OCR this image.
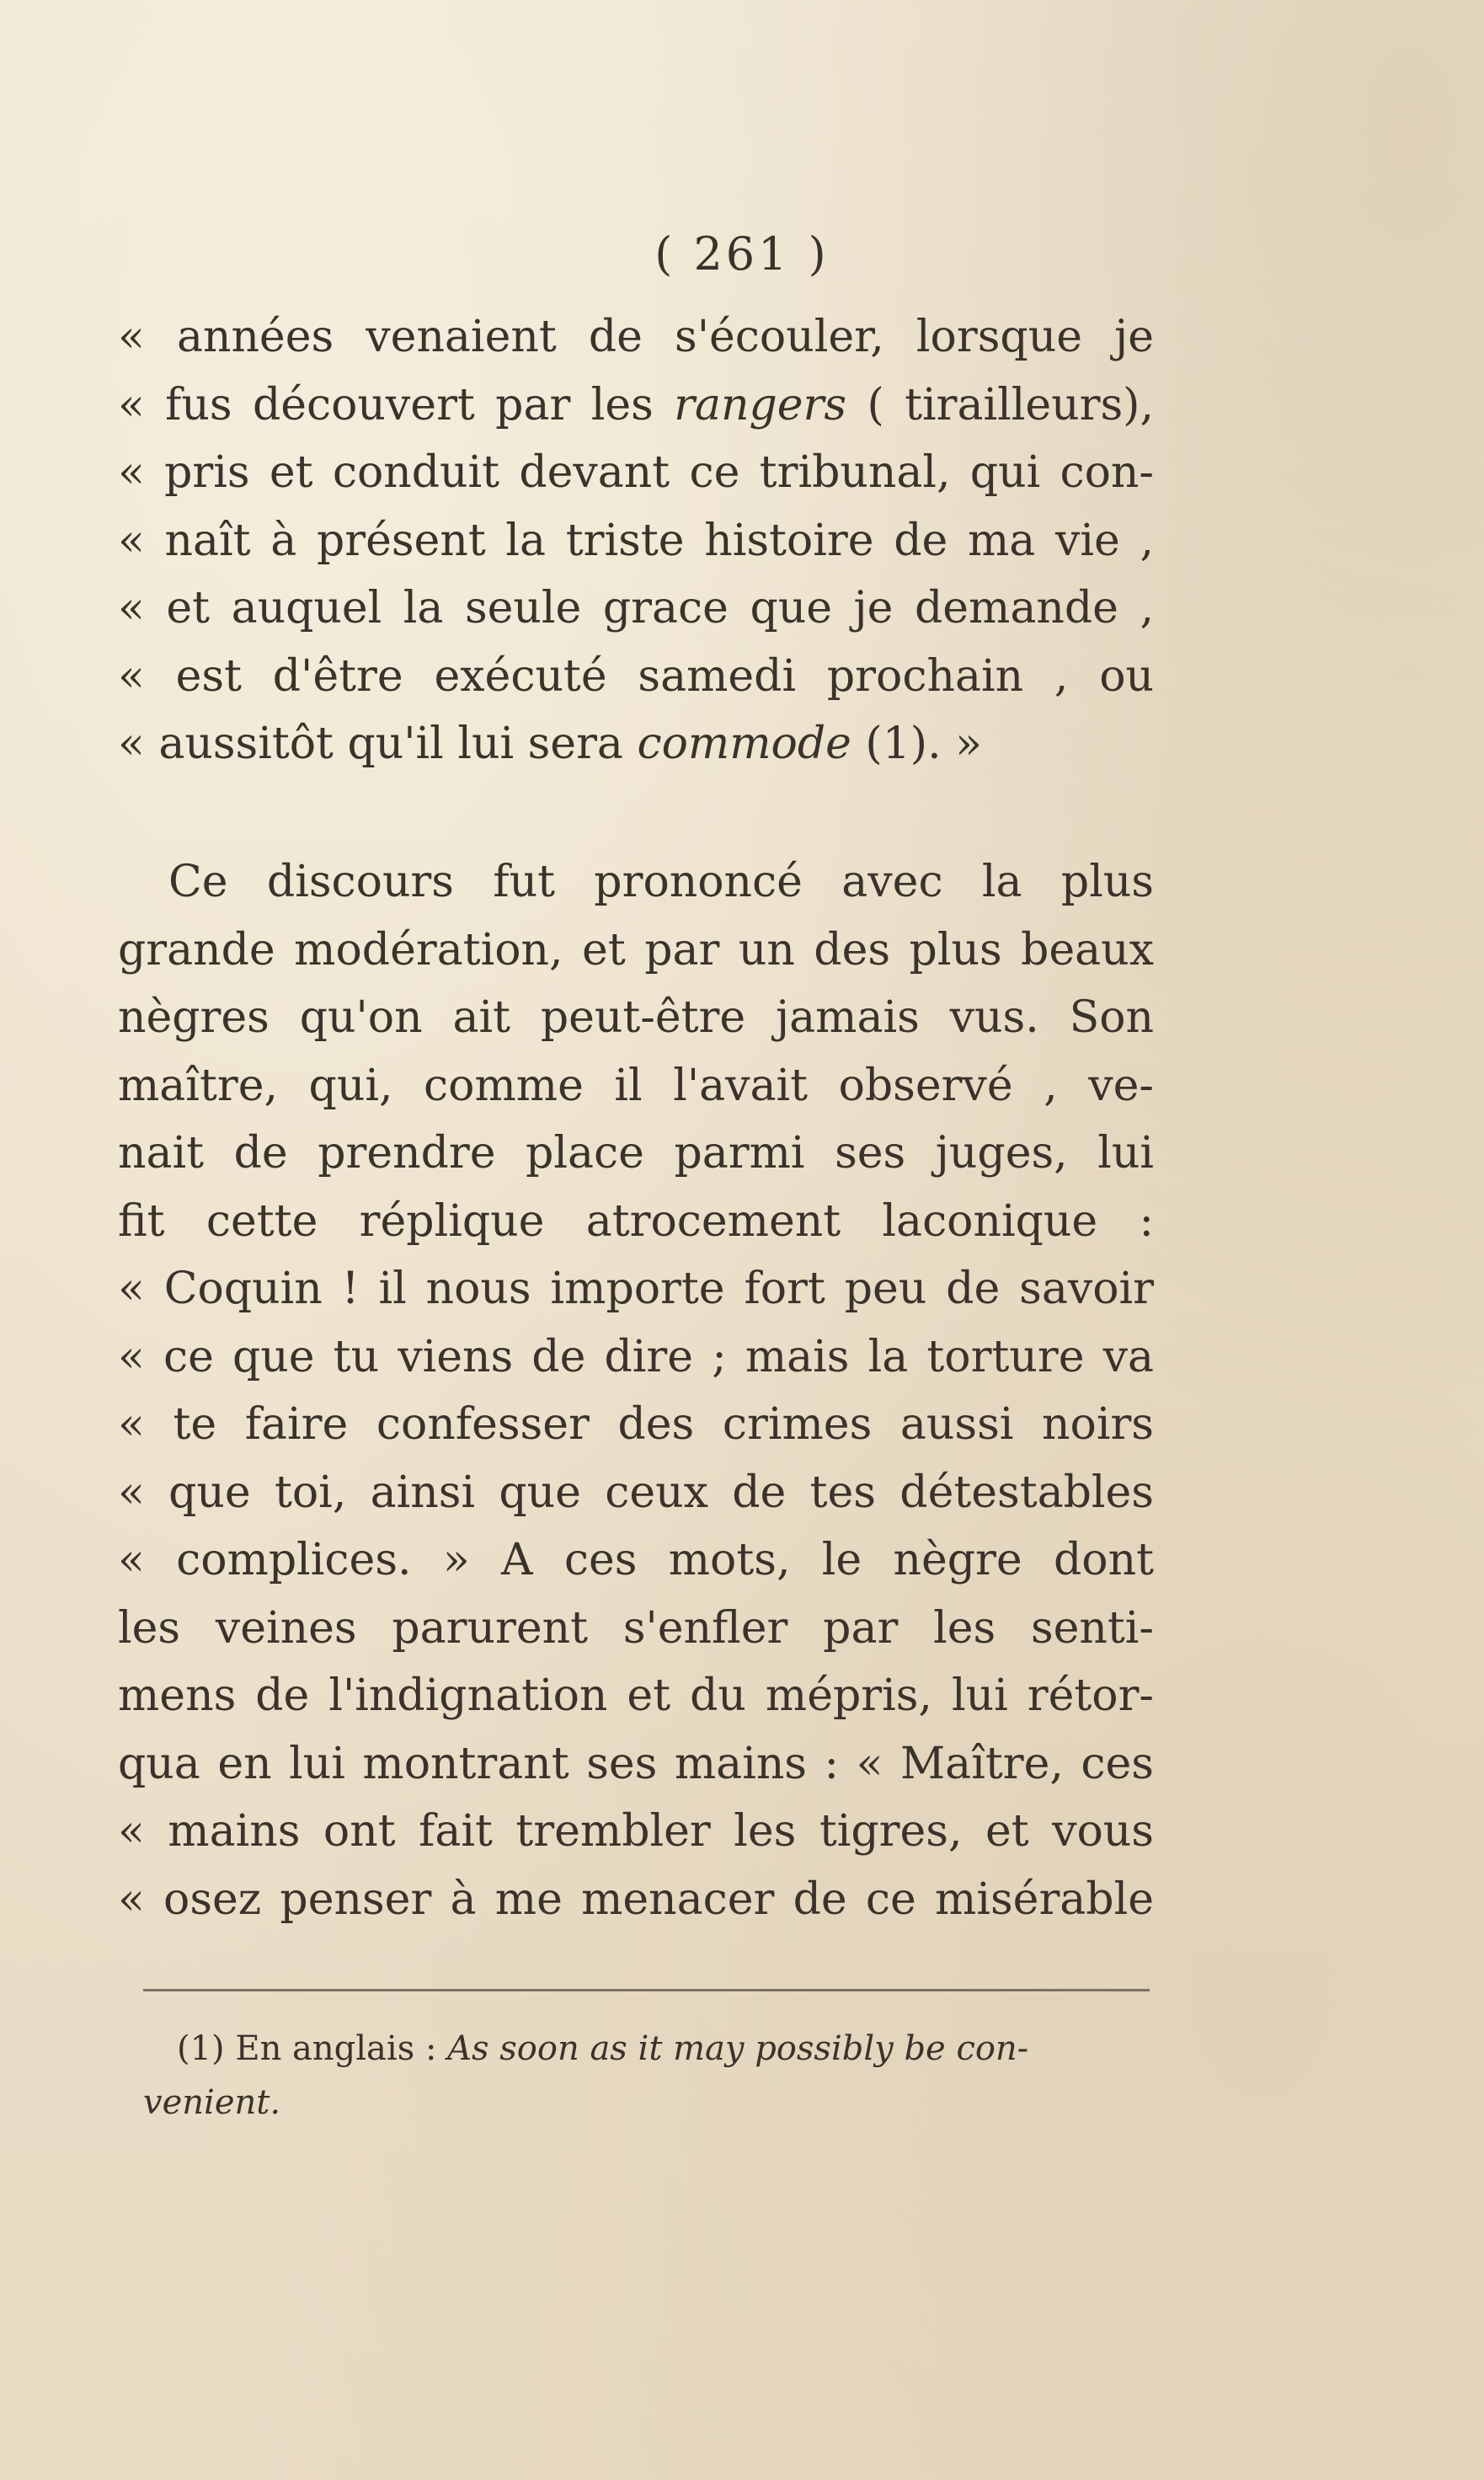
( 261 )
« années venaient de s'écouler, lorsque je
« fus découvert par les rangers ( tirailleurs),
« pris et conduit devant ce tribunal, qui con-
« naît à présent la triste histoire de ma vie ,
« et auquel la seule grace que je demande ,
« est d'être exécuté samedi prochain , ou
« aussitôt qu'il lui sera commode (1). »
Ce discours fut prononcé avec la plus
grande modération, et par un des plus beaux
nègres qu'on ait peut-être jamais vus. Son
maître, qui, comme il l'avait observé , ve-
nait de prendre place parmi ses juges, lui
fit cette réplique atrocement laconique :
« Coquin ! il nous importe fort peu de savoir
« ce que tu viens de dire ; mais la torture va
« te faire confesser des crimes aussi noirs
« que toi, ainsi que ceux de tes détestables
« complices. » A ces mots, le nègre dont
les veines parurent s'enfler par les senti-
mens de l'indignation et du mépris, lui rétor-
qua en lui montrant ses mains : « Maître, ces
« mains ont fait trembler les tigres, et vous
« osez penser à me menacer de ce misérable
(1) En anglais : As soon as it may possibly be con-
venient.
